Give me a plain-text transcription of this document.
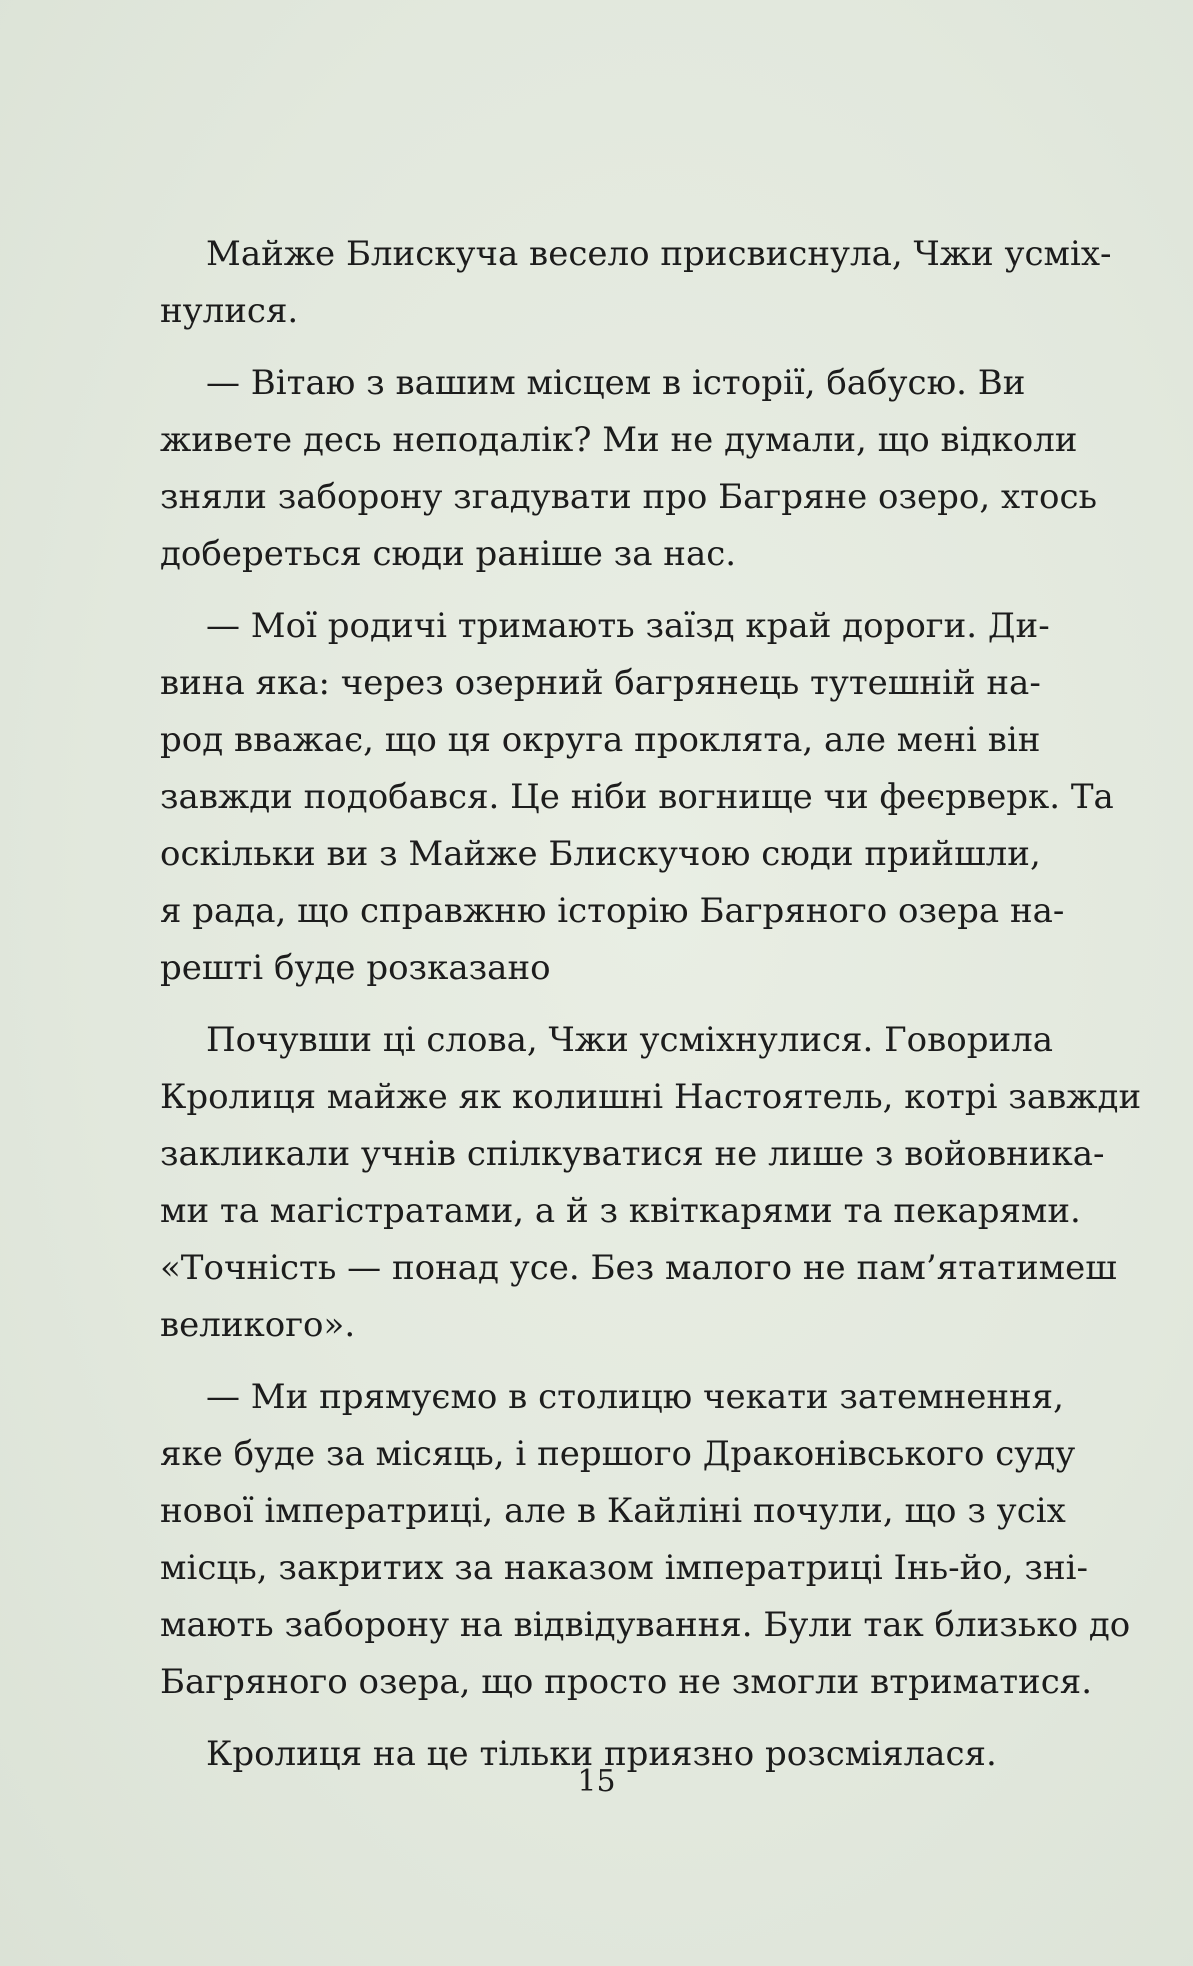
Майже Блискуча весело присвиснула, Чжи усміх-
нулися.

— Вітаю з вашим місцем в історії, бабусю. Ви
живете десь неподалік? Ми не думали, що відколи
зняли заборону згадувати про Багряне озеро, хтось
добереться сюди раніше за нас.

— Мої родичі тримають заїзд край дороги. Ди-
вина яка: через озерний багрянець тутешній на-
род вважає, що ця округа проклята, але мені він
завжди подобався. Це ніби вогнище чи феєрверк. Та
оскільки ви з Майже Блискучою сюди прийшли,
я рада, що справжню історію Багряного озера на-
решті буде розказано

Почувши ці слова, Чжи усміхнулися. Говорила
Кролиця майже як колишні Настоятель, котрі завжди
закликали учнів спілкуватися не лише з войовника-
ми та магістратами, а й з квіткарями та пекарями.
«Точність — понад усе. Без малого не пам’ятатимеш
великого».

— Ми прямуємо в столицю чекати затемнення,
яке буде за місяць, і першого Драконівського суду
нової імператриці, але в Кайліні почули, що з усіх
місць, закритих за наказом імператриці Інь-йо, зні-
мають заборону на відвідування. Були так близько до
Багряного озера, що просто не змогли втриматися.

Кролиця на це тільки приязно розсміялася.

15
